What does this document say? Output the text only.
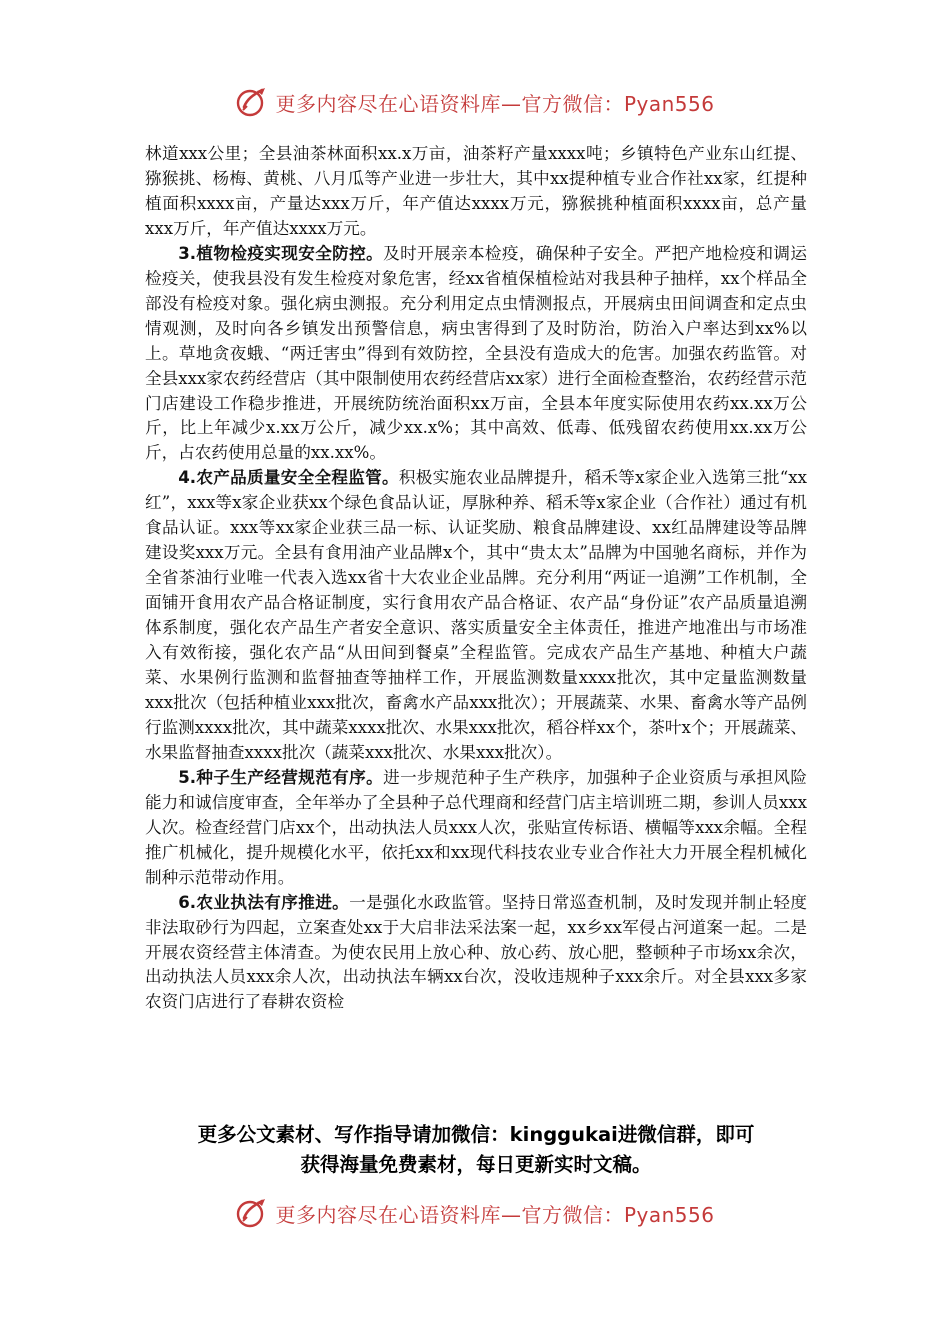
更多内容尽在心语资料库—官方微信：Pyan556

林道xxx公里；全县油茶林面积xx.x万亩，油茶籽产量xxxx吨；乡镇特色产业东山红提、猕猴挑、杨梅、黄桃、八月瓜等产业进一步壮大，其中xx提种植专业合作社xx家，红提种植面积xxxx亩，产量达xxx万斤，年产值达xxxx万元，猕猴挑种植面积xxxx亩，总产量xxx万斤，年产值达xxxx万元。

3.植物检疫实现安全防控。及时开展亲本检疫，确保种子安全。严把产地检疫和调运检疫关，使我县没有发生检疫对象危害，经xx省植保植检站对我县种子抽样，xx个样品全部没有检疫对象。强化病虫测报。充分利用定点虫情测报点，开展病虫田间调查和定点虫情观测，及时向各乡镇发出预警信息，病虫害得到了及时防治，防治入户率达到xx%以上。草地贪夜蛾、“两迁害虫”得到有效防控，全县没有造成大的危害。加强农药监管。对全县xxx家农药经营店（其中限制使用农药经营店xx家）进行全面检查整治，农药经营示范门店建设工作稳步推进，开展统防统治面积xx万亩，全县本年度实际使用农药xx.xx万公斤，比上年减少x.xx万公斤，减少xx.x%；其中高效、低毒、低残留农药使用xx.xx万公斤，占农药使用总量的xx.xx%。

4.农产品质量安全全程监管。积极实施农业品牌提升，稻禾等x家企业入选第三批“xx红”，xxx等x家企业获xx个绿色食品认证，厚脉种养、稻禾等x家企业（合作社）通过有机食品认证。xxx等xx家企业获三品一标、认证奖励、粮食品牌建设、xx红品牌建设等品牌建设奖xxx万元。全县有食用油产业品牌x个，其中“贵太太”品牌为中国驰名商标，并作为全省茶油行业唯一代表入选xx省十大农业企业品牌。充分利用“两证一追溯”工作机制，全面铺开食用农产品合格证制度，实行食用农产品合格证、农产品“身份证”农产品质量追溯体系制度，强化农产品生产者安全意识、落实质量安全主体责任，推进产地准出与市场准入有效衔接，强化农产品“从田间到餐桌”全程监管。完成农产品生产基地、种植大户蔬菜、水果例行监测和监督抽查等抽样工作，开展监测数量xxxx批次，其中定量监测数量xxx批次（包括种植业xxx批次，畜禽水产品xxx批次）；开展蔬菜、水果、畜禽水等产品例行监测xxxx批次，其中蔬菜xxxx批次、水果xxx批次，稻谷样xx个，茶叶x个；开展蔬菜、水果监督抽查xxxx批次（蔬菜xxx批次、水果xxx批次）。

5.种子生产经营规范有序。进一步规范种子生产秩序，加强种子企业资质与承担风险能力和诚信度审查，全年举办了全县种子总代理商和经营门店主培训班二期，参训人员xxx人次。检查经营门店xx个，出动执法人员xxx人次，张贴宣传标语、横幅等xxx余幅。全程推广机械化，提升规模化水平，依托xx和xx现代科技农业专业合作社大力开展全程机械化制种示范带动作用。

6.农业执法有序推进。一是强化水政监管。坚持日常巡查机制，及时发现并制止轻度非法取砂行为四起，立案查处xx于大启非法采法案一起，xx乡xx军侵占河道案一起。二是开展农资经营主体清查。为使农民用上放心种、放心药、放心肥，整顿种子市场xx余次，出动执法人员xxx余人次，出动执法车辆xx台次，没收违规种子xxx余斤。对全县xxx多家农资门店进行了春耕农资检

更多公文素材、写作指导请加微信：kinggukai进微信群，即可
获得海量免费素材，每日更新实时文稿。
更多内容尽在心语资料库—官方微信：Pyan556
